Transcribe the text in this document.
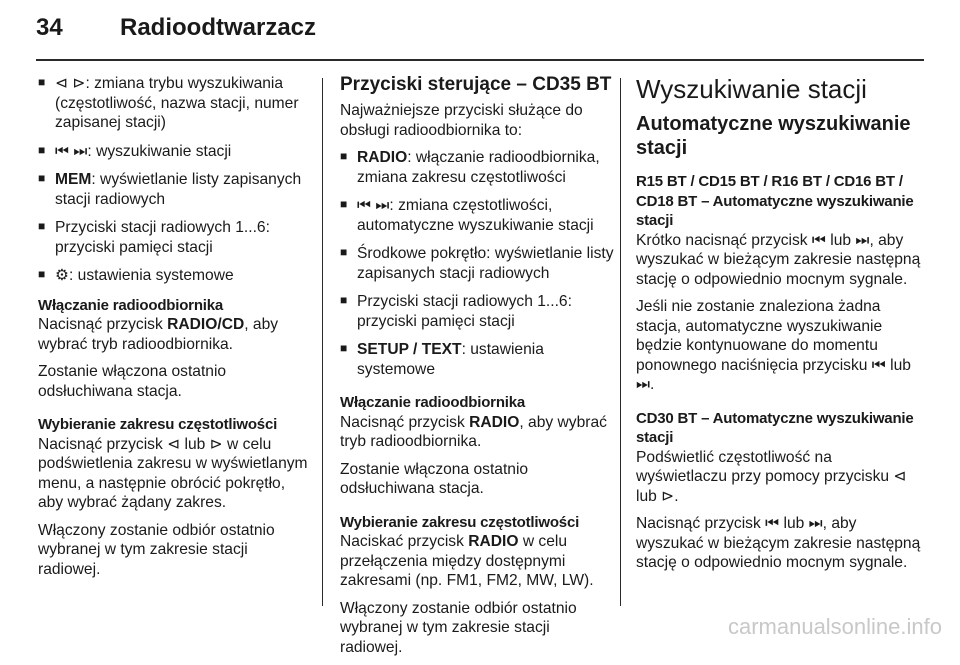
34 Radioodtwarzacz
■ ⊲ ⊳: zmiana trybu wyszukiwania (częstotliwość, nazwa stacji, numer zapisanej stacji)
■ ⏮ ⏭: wyszukiwanie stacji
■ MEM: wyświetlanie listy zapisanych stacji radiowych
■ Przyciski stacji radiowych 1...6: przyciski pamięci stacji
■ ⚙: ustawienia systemowe
Włączanie radioodbiornika

Nacisnąć przycisk RADIO/CD, aby wybrać tryb radioodbiornika.

Zostanie włączona ostatnio odsłuchiwana stacja.

Wybieranie zakresu częstotliwości

Nacisnąć przycisk ⊲ lub ⊳ w celu podświetlenia zakresu w wyświetlanym menu, a następnie obrócić pokrętło, aby wybrać żądany zakres.

Włączony zostanie odbiór ostatnio wybranej w tym zakresie stacji radiowej.

Przyciski sterujące – CD35 BT

Najważniejsze przyciski służące do obsługi radioodbiornika to:

■ RADIO: włączanie radioodbiornika, zmiana zakresu częstotliwości
■ ⏮ ⏭: zmiana częstotliwości, automatyczne wyszukiwanie stacji
■ Środkowe pokrętło: wyświetlanie listy zapisanych stacji radiowych
■ Przyciski stacji radiowych 1...6: przyciski pamięci stacji
■ SETUP / TEXT: ustawienia systemowe
Włączanie radioodbiornika

Nacisnąć przycisk RADIO, aby wybrać tryb radioodbiornika.

Zostanie włączona ostatnio odsłuchiwana stacja.

Wybieranie zakresu częstotliwości

Naciskać przycisk RADIO w celu przełączenia między dostępnymi zakresami (np. FM1, FM2, MW, LW).

Włączony zostanie odbiór ostatnio wybranej w tym zakresie stacji radiowej.

Wyszukiwanie stacji
Automatyczne wyszukiwanie stacji
R15 BT / CD15 BT / R16 BT / CD16 BT / CD18 BT – Automatyczne wyszukiwanie stacji

Krótko nacisnąć przycisk ⏮ lub ⏭, aby wyszukać w bieżącym zakresie następną stację o odpowiednio mocnym sygnale.

Jeśli nie zostanie znaleziona żadna stacja, automatyczne wyszukiwanie będzie kontynuowane do momentu ponownego naciśnięcia przycisku ⏮ lub ⏭.

CD30 BT – Automatyczne wyszukiwanie stacji

Podświetlić częstotliwość na wyświetlaczu przy pomocy przycisku ⊲ lub ⊳.

Nacisnąć przycisk ⏮ lub ⏭, aby wyszukać w bieżącym zakresie następną stację o odpowiednio mocnym sygnale.

carmanualsonline.info
